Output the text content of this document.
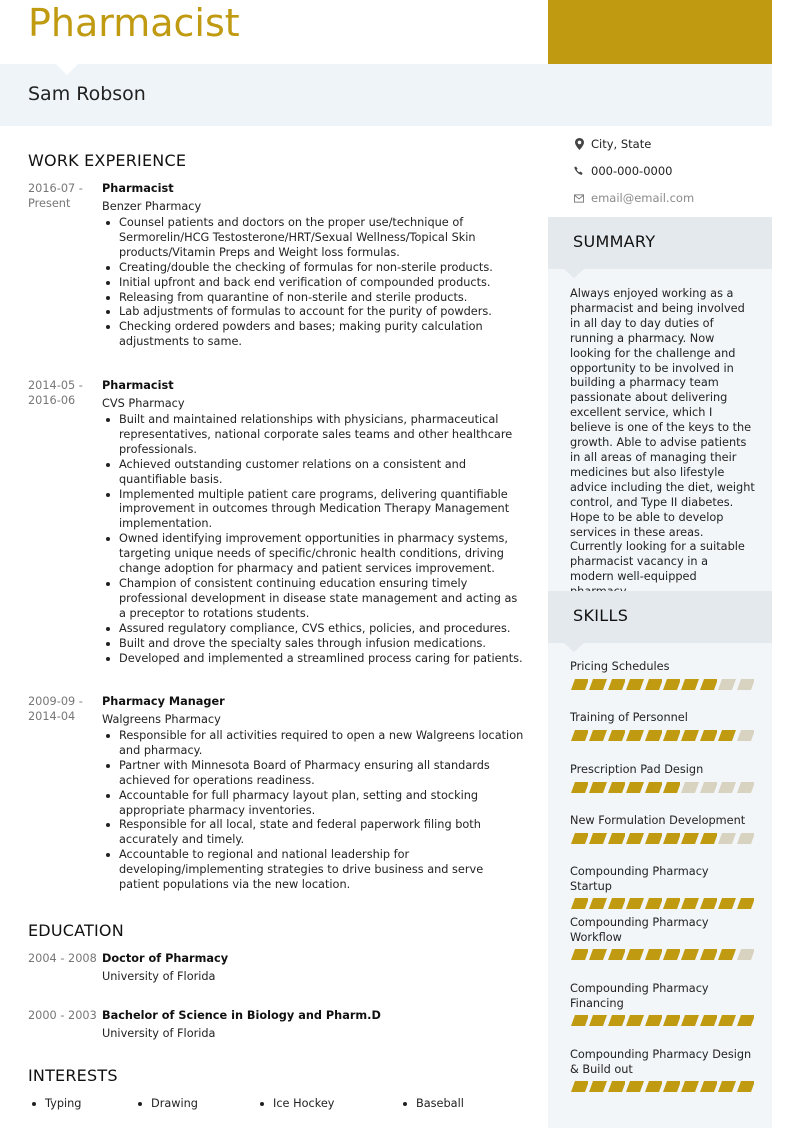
Pharmacist
Sam Robson
City, State
000-000-0000
email@email.com
SUMMARY
Always enjoyed working as a pharmacist and being involved in all day to day duties of running a pharmacy. Now looking for the challenge and opportunity to be involved in building a pharmacy team passionate about delivering excellent service, which I believe is one of the keys to the growth. Able to advise patients in all areas of managing their medicines but also lifestyle advice including the diet, weight control, and Type II diabetes. Hope to be able to develop services in these areas. Currently looking for a suitable pharmacist vacancy in a modern well-equipped
SKILLS
Pricing Schedules
Training of Personnel
Prescription Pad Design
New Formulation Development
Compounding Pharmacy Startup
Compounding Pharmacy Workflow
Compounding Pharmacy Financing
Compounding Pharmacy Design & Build out
WORK EXPERIENCE
2016-07 - Present
Pharmacist
Benzer Pharmacy
Counsel patients and doctors on the proper use/technique of Sermorelin/HCG Testosterone/HRT/Sexual Wellness/Topical Skin products/Vitamin Preps and Weight loss formulas.
Creating/double the checking of formulas for non-sterile products.
Initial upfront and back end verification of compounded products.
Releasing from quarantine of non-sterile and sterile products.
Lab adjustments of formulas to account for the purity of powders.
Checking ordered powders and bases; making purity calculation adjustments to same.
2014-05 - 2016-06
Pharmacist
CVS Pharmacy
Built and maintained relationships with physicians, pharmaceutical representatives, national corporate sales teams and other healthcare professionals.
Achieved outstanding customer relations on a consistent and quantifiable basis.
Implemented multiple patient care programs, delivering quantifiable improvement in outcomes through Medication Therapy Management implementation.
Owned identifying improvement opportunities in pharmacy systems, targeting unique needs of specific/chronic health conditions, driving change adoption for pharmacy and patient services improvement.
Champion of consistent continuing education ensuring timely professional development in disease state management and acting as a preceptor to rotations students.
Assured regulatory compliance, CVS ethics, policies, and procedures.
Built and drove the specialty sales through infusion medications.
Developed and implemented a streamlined process caring for patients.
2009-09 - 2014-04
Pharmacy Manager
Walgreens Pharmacy
Responsible for all activities required to open a new Walgreens location and pharmacy.
Partner with Minnesota Board of Pharmacy ensuring all standards achieved for operations readiness.
Accountable for full pharmacy layout plan, setting and stocking appropriate pharmacy inventories.
Responsible for all local, state and federal paperwork filing both accurately and timely.
Accountable to regional and national leadership for developing/implementing strategies to drive business and serve patient populations via the new location.
EDUCATION
2004 - 2008 Doctor of Pharmacy
University of Florida
2000 - 2003 Bachelor of Science in Biology and Pharm.D
University of Florida
INTERESTS
Typing	Drawing	Ice Hockey	Baseball
